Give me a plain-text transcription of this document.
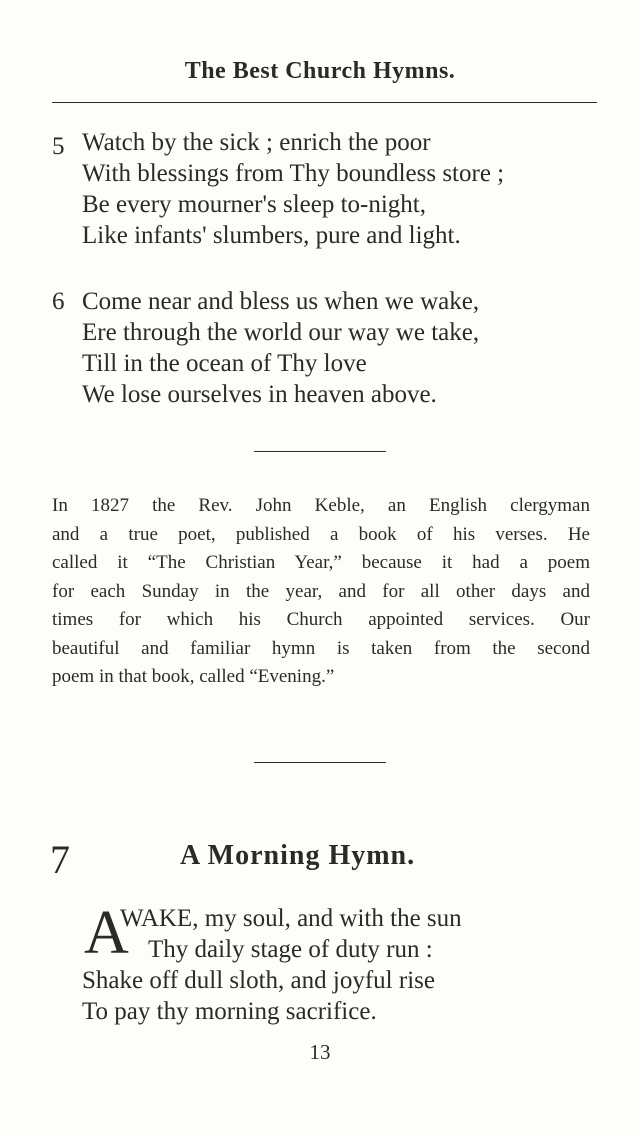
The Best Church Hymns.
5 Watch by the sick ; enrich the poor
With blessings from Thy boundless store ;
Be every mourner's sleep to-night,
Like infants' slumbers, pure and light.
6 Come near and bless us when we wake,
Ere through the world our way we take,
Till in the ocean of Thy love
We lose ourselves in heaven above.
In 1827 the Rev. John Keble, an English clergyman
and a true poet, published a book of his verses. He
called it “The Christian Year,” because it had a poem
for each Sunday in the year, and for all other days and
times for which his Church appointed services. Our
beautiful and familiar hymn is taken from the second
poem in that book, called “Evening.”
7	A Morning Hymn.
A
WAKE, my soul, and with the sun
Thy daily stage of duty run :
Shake off dull sloth, and joyful rise
To pay thy morning sacrifice.
13
